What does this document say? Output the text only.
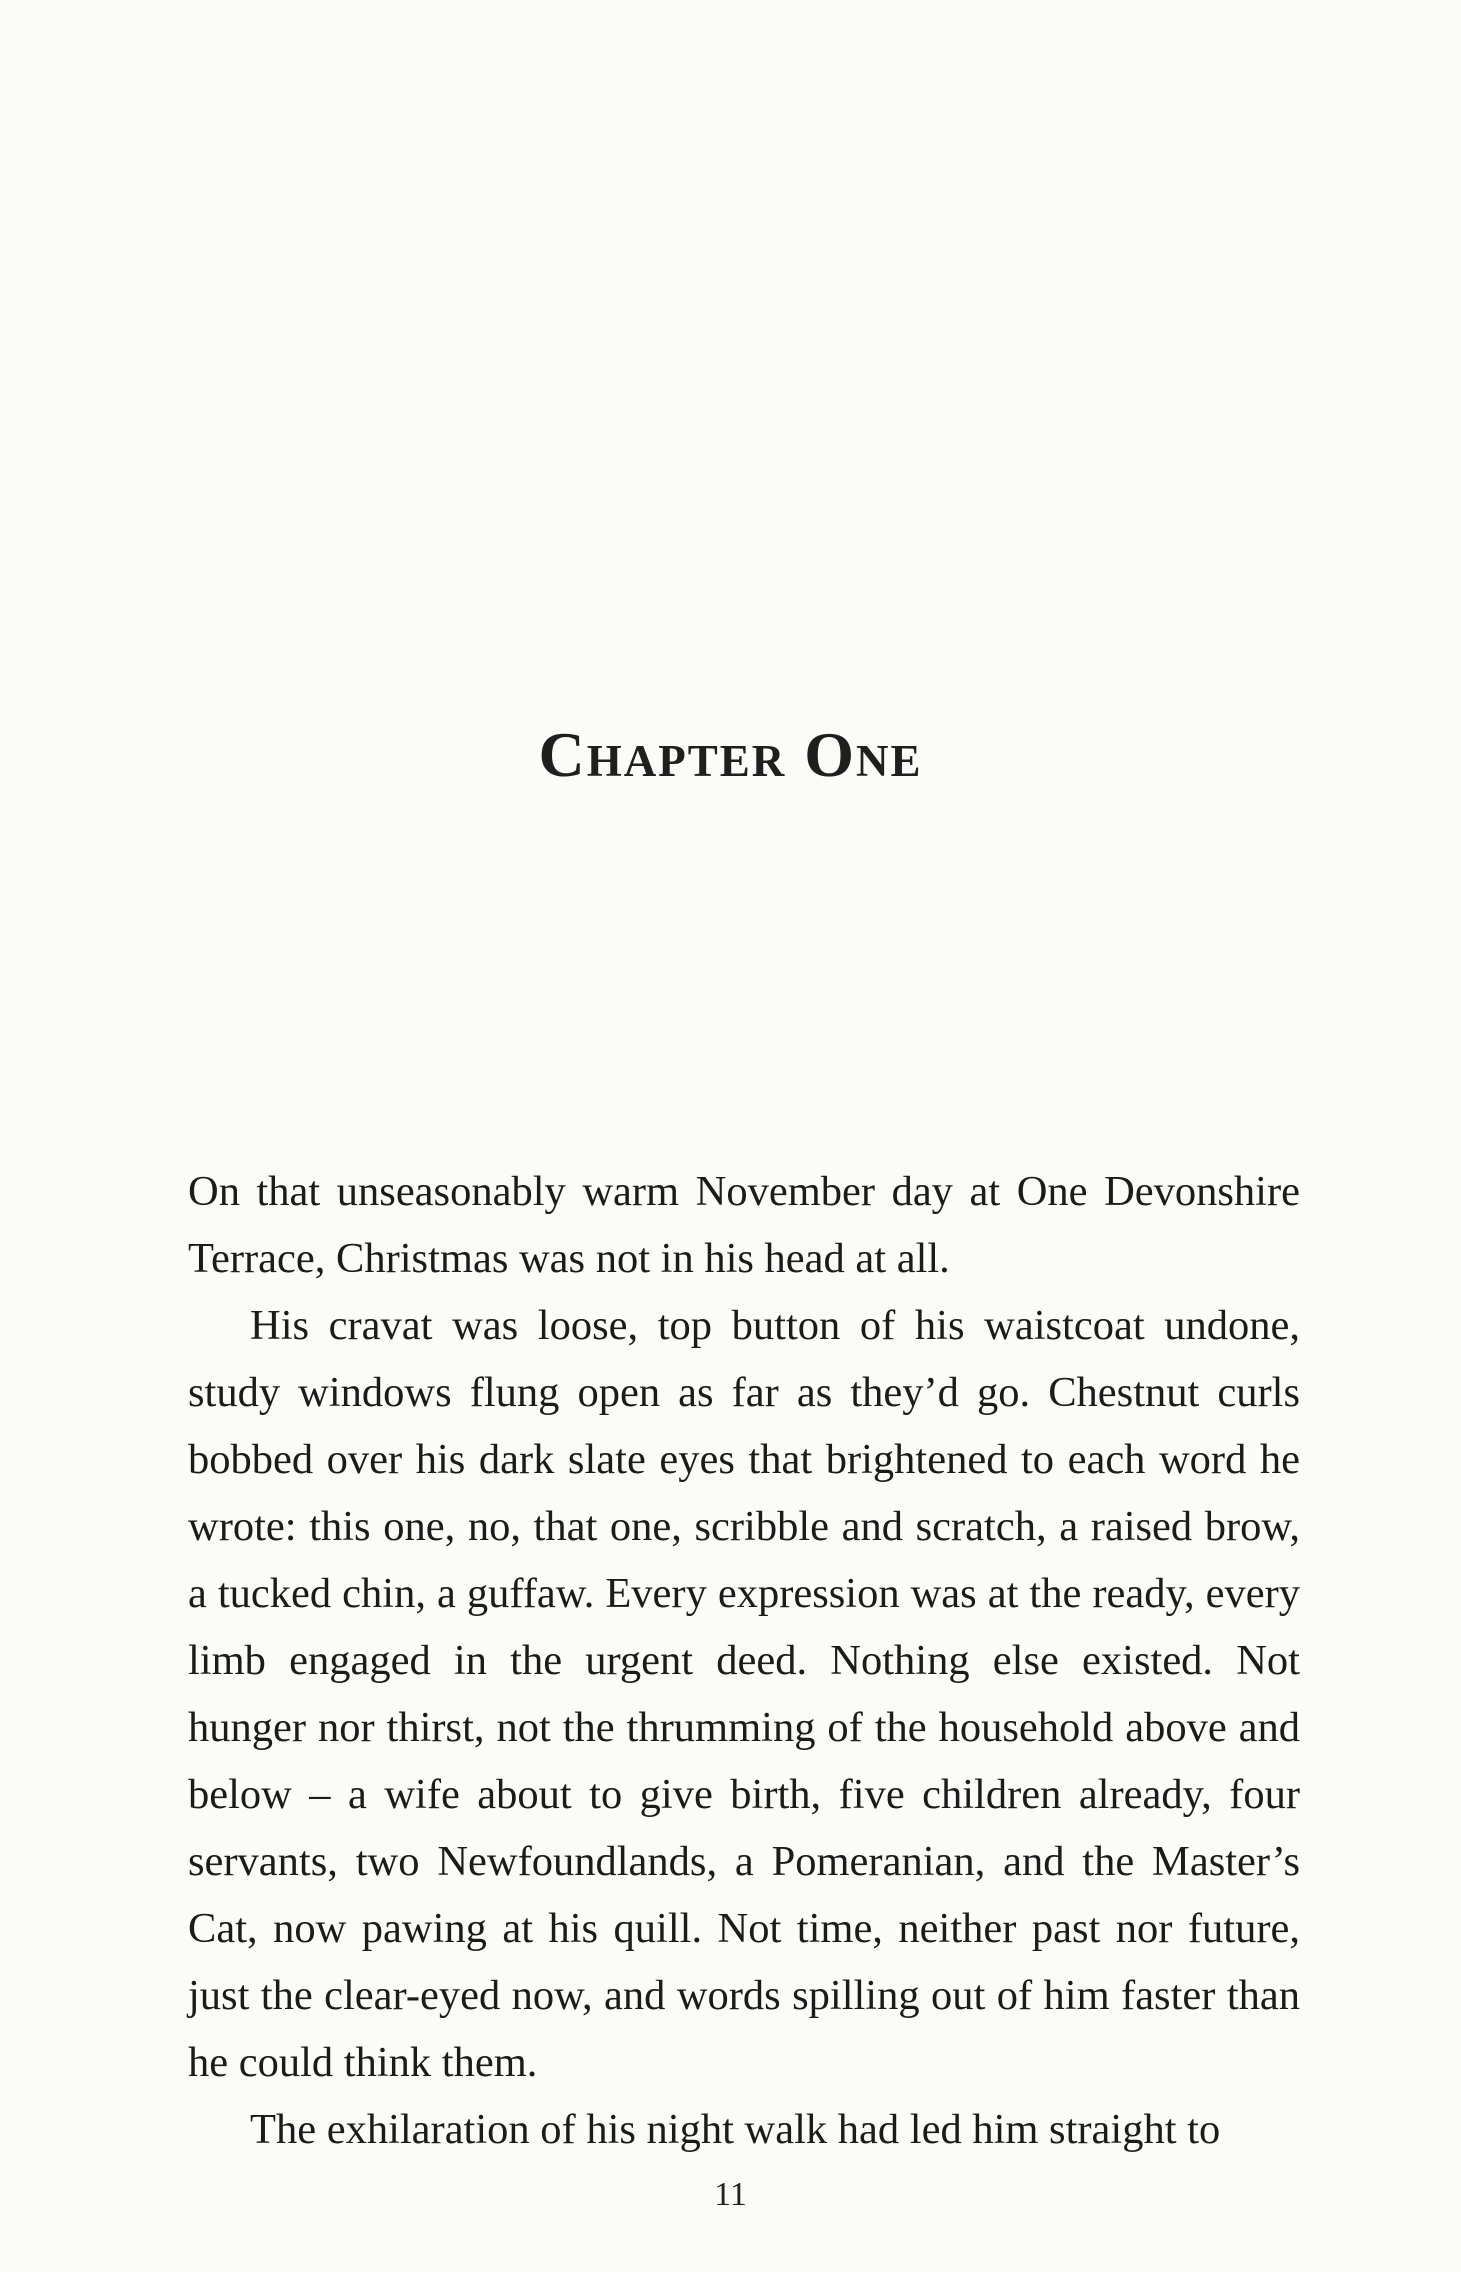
Chapter One

On that unseasonably warm November day at One Devonshire Terrace, Christmas was not in his head at all.

His cravat was loose, top button of his waistcoat undone, study windows flung open as far as they’d go. Chestnut curls bobbed over his dark slate eyes that brightened to each word he wrote: this one, no, that one, scribble and scratch, a raised brow, a tucked chin, a guffaw. Every expression was at the ready, every limb engaged in the urgent deed. Nothing else existed. Not hunger nor thirst, not the thrumming of the household above and below – a wife about to give birth, five children already, four servants, two Newfoundlands, a Pomeranian, and the Master’s Cat, now pawing at his quill. Not time, neither past nor future, just the clear-eyed now, and words spilling out of him faster than he could think them.

The exhilaration of his night walk had led him straight to

11
